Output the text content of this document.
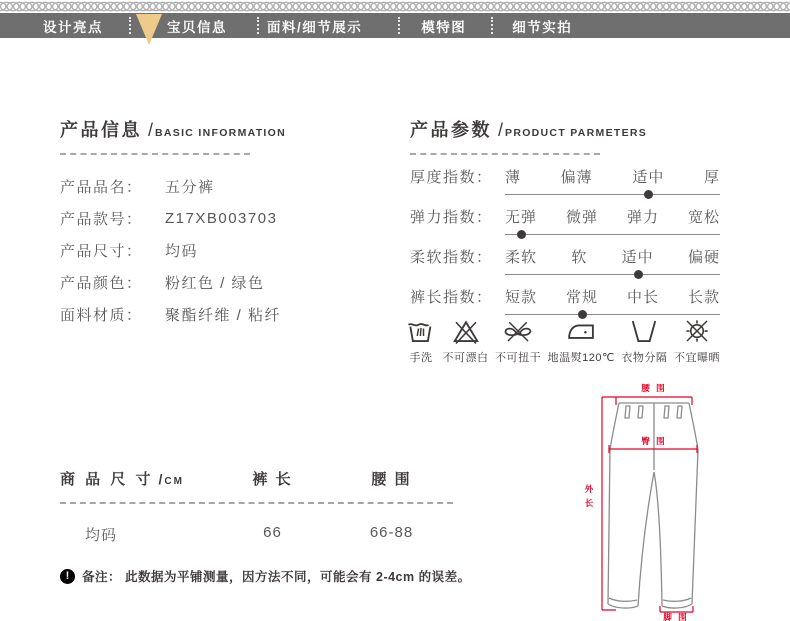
设计亮点	宝贝信息	面料/细节展示	模特图	细节实拍
产品信息 / BASIC INFORMATION
产品品名：	五分裤
产品款号：	Z17XB003703
产品尺寸：	均码
产品颜色：	粉红色 / 绿色
面料材质：	聚酯纤维 / 粘纤
产品参数 / PRODUCT PARMETERS
厚度指数： 薄	偏薄	适中	厚
弹力指数： 无弹 微弹 弹力 宽松
柔软指数： 柔软 软 适中 偏硬
裤长指数： 短款 常规 中长 长款
手洗 不可漂白 不可扭干 地温熨120℃ 衣物分隔 不宜曝晒
商 品 尺 寸 / CM	裤 长	腰 围
均码	66	66-88
!	备注： 此数据为平铺测量，因方法不同，可能会有 2-4cm 的误差。
腰 围
臀 围
外
长
脚 围
